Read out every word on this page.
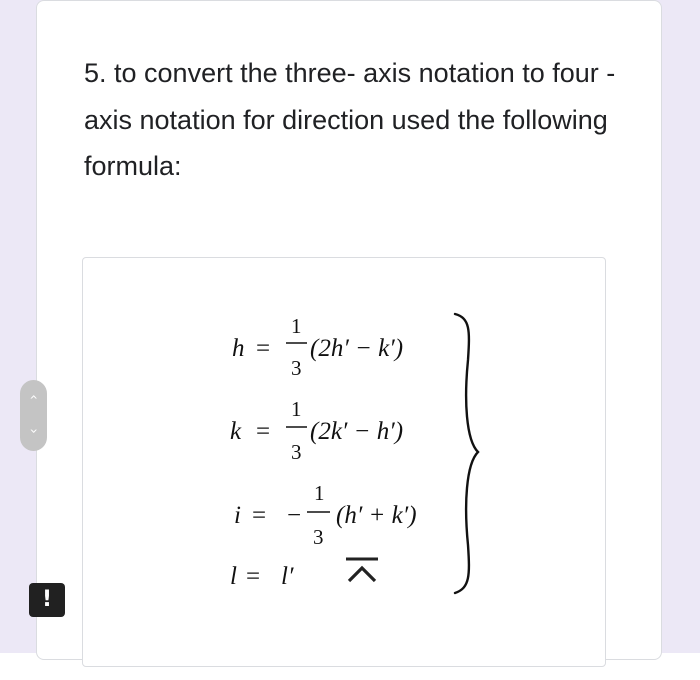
5. to convert the three- axis notation to four - axis notation for direction used the following formula:
h =
1
3
(2h′ − k′)
k =
1
3
(2k′ − h′)
i = −
1
3
(h′ + k′)
l = l′
‹
›
!
